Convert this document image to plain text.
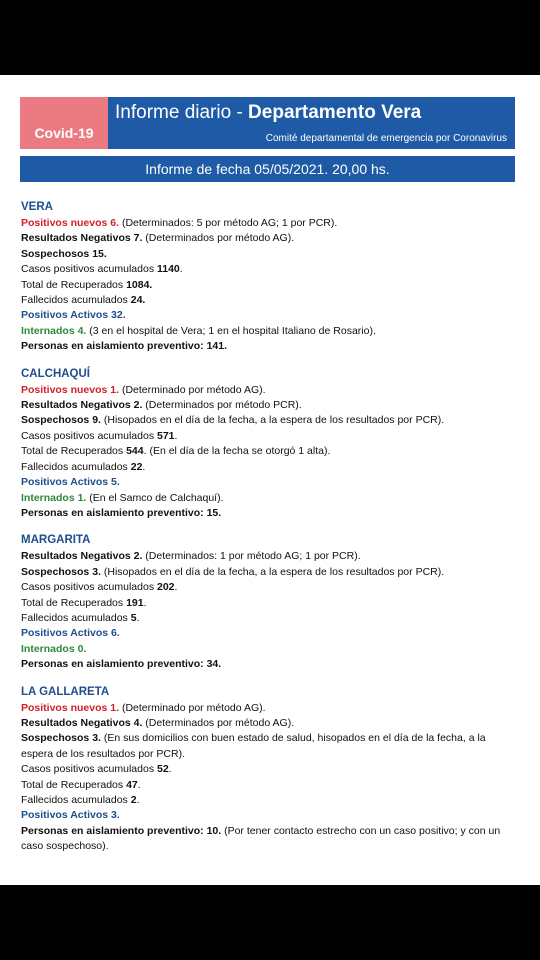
Covid-19
Informe diario - Departamento Vera
Comité departamental de emergencia por Coronavirus
Informe de fecha 05/05/2021. 20,00 hs.
VERA
Positivos nuevos 6. (Determinados: 5 por método AG; 1 por PCR).
Resultados Negativos 7. (Determinados por método AG).
Sospechosos 15.
Casos positivos acumulados 1140.
Total de Recuperados 1084.
Fallecidos acumulados 24.
Positivos Activos 32.
Internados 4. (3 en el hospital de Vera; 1 en el hospital Italiano de Rosario).
Personas en aislamiento preventivo: 141.
CALCHAQUÍ
Positivos nuevos 1. (Determinado por método AG).
Resultados Negativos 2. (Determinados por método PCR).
Sospechosos 9. (Hisopados en el día de la fecha, a la espera de los resultados por PCR).
Casos positivos acumulados 571.
Total de Recuperados 544. (En el día de la fecha se otorgó 1 alta).
Fallecidos acumulados 22.
Positivos Activos 5.
Internados 1. (En el Samco de Calchaquí).
Personas en aislamiento preventivo: 15.
MARGARITA
Resultados Negativos 2. (Determinados: 1 por método AG; 1 por PCR).
Sospechosos 3. (Hisopados en el día de la fecha, a la espera de los resultados por PCR).
Casos positivos acumulados 202.
Total de Recuperados 191.
Fallecidos acumulados 5.
Positivos Activos 6.
Internados 0.
Personas en aislamiento preventivo: 34.
LA GALLARETA
Positivos nuevos 1. (Determinado por método AG).
Resultados Negativos 4. (Determinados por método AG).
Sospechosos 3. (En sus domicilios con buen estado de salud, hisopados en el día de la fecha, a la espera de los resultados por PCR).
Casos positivos acumulados 52.
Total de Recuperados 47.
Fallecidos acumulados 2.
Positivos Activos 3.
Personas en aislamiento preventivo: 10. (Por tener contacto estrecho con un caso positivo; y con un caso sospechoso).
